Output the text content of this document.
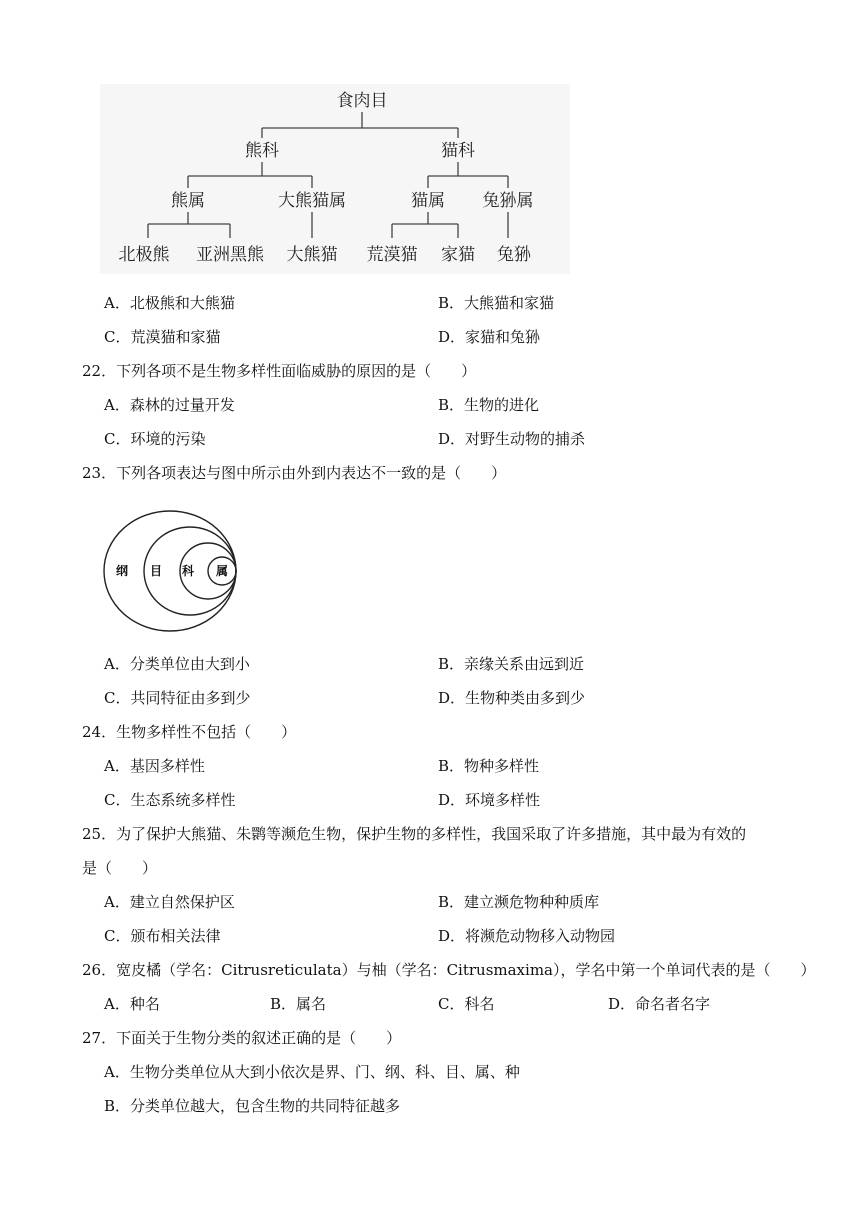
食肉目
熊科	猫科
熊属	大熊猫属	猫属 兔狲属
北极熊 亚洲黑熊 大熊猫 荒漠猫 家猫 兔狲
A．北极熊和大熊猫	B．大熊猫和家猫
C．荒漠猫和家猫	D．家猫和兔狲
22．下列各项不是生物多样性面临威胁的原因的是（　　）
A．森林的过量开发	B．生物的进化
C．环境的污染	D．对野生动物的捕杀
23．下列各项表达与图中所示由外到内表达不一致的是（　　）
纲 目 科 属
A．分类单位由大到小	B．亲缘关系由远到近
C．共同特征由多到少	D．生物种类由多到少
24．生物多样性不包括（　　）
A．基因多样性	B．物种多样性
C．生态系统多样性	D．环境多样性
25．为了保护大熊猫、朱鹮等濒危生物，保护生物的多样性，我国采取了许多措施，其中最为有效的
是（　　）
A．建立自然保护区	B．建立濒危物种种质库
C．颁布相关法律	D．将濒危动物移入动物园
26．宽皮橘（学名：Citrusreticulata）与柚（学名：Citrusmaxima），学名中第一个单词代表的是（　　）
A．种名	B．属名	C．科名	D．命名者名字
27．下面关于生物分类的叙述正确的是（　　）
A．生物分类单位从大到小依次是界、门、纲、科、目、属、种
B．分类单位越大，包含生物的共同特征越多
